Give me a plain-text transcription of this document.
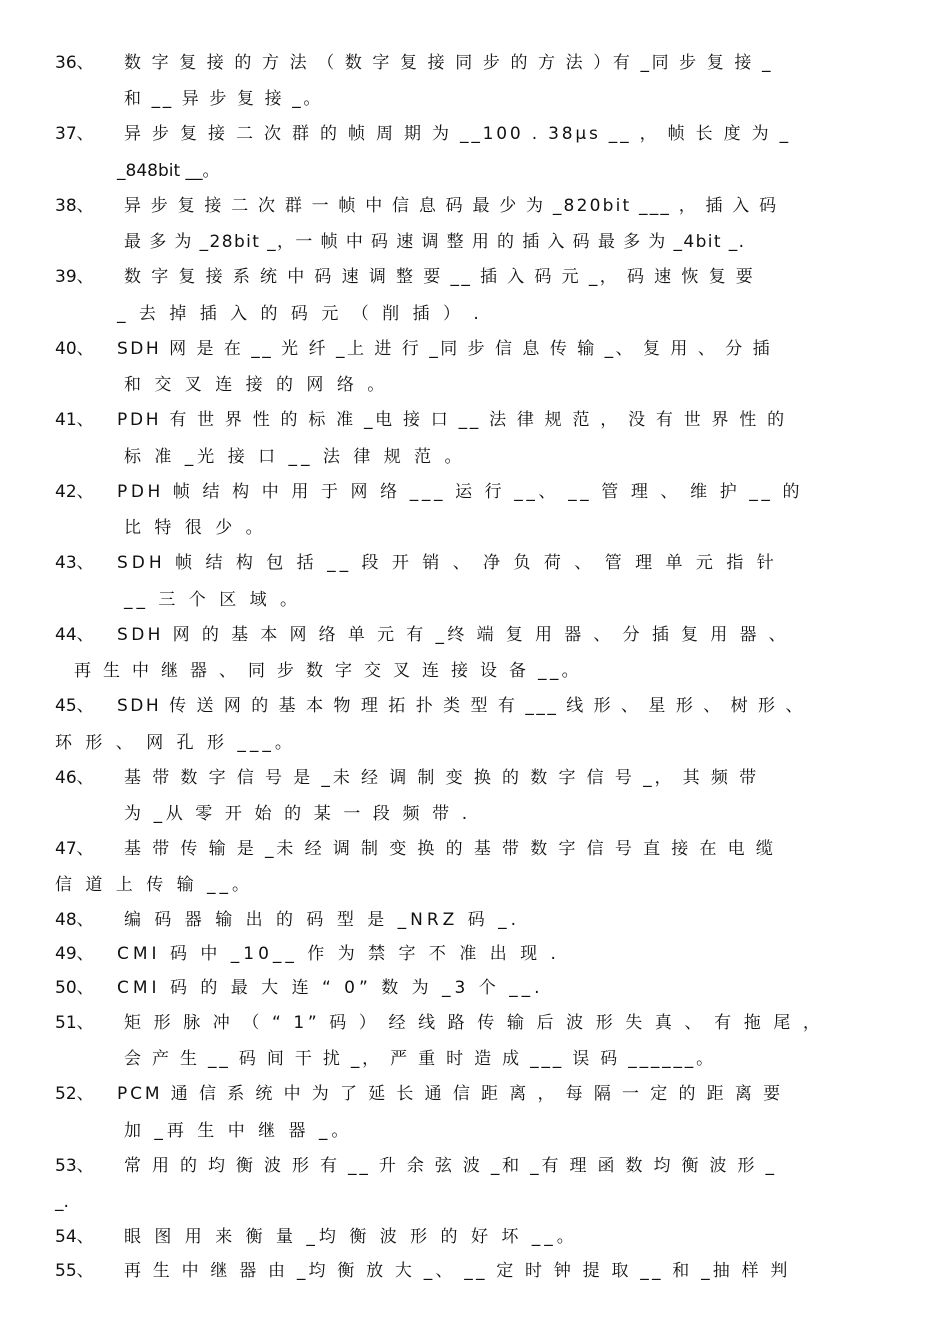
36、 数 字 复 接 的 方 法 （ 数 字 复 接 同 步 的 方 法 ）有 _同 步 复 接 _
和 __ 异 步 复 接 _。
37、 异 步 复 接 二 次 群 的 帧 周 期 为 __100 . 38μs __ ， 帧 长 度 为 _
_848bit __。
38、 异 步 复 接 二 次 群 一 帧 中 信 息 码 最 少 为 _820bit ___ ， 插 入 码
最 多 为 _28bit _，一 帧 中 码 速 调 整 用 的 插 入 码 最 多 为 _4bit _.
39、 数 字 复 接 系 统 中 码 速 调 整 要 __ 插 入 码 元 _， 码 速 恢 复 要
_ 去 掉 插 入 的 码 元 （ 削 插 ） .
40、 SDH 网 是 在 __ 光 纤 _上 进 行 _同 步 信 息 传 输 _、 复 用 、 分 插
和 交 叉 连 接 的 网 络 。
41、 PDH 有 世 界 性 的 标 准 _电 接 口 __ 法 律 规 范 ， 没 有 世 界 性 的
标 准 _光 接 口 __ 法 律 规 范 。
42、 PDH 帧 结 构 中 用 于 网 络 ___ 运 行 __、 __ 管 理 、 维 护 __ 的
比 特 很 少 。
43、 SDH 帧 结 构 包 括 __ 段 开 销 、 净 负 荷 、 管 理 单 元 指 针
__ 三 个 区 域 。
44、 SDH 网 的 基 本 网 络 单 元 有 _终 端 复 用 器 、 分 插 复 用 器 、
再 生 中 继 器 、 同 步 数 字 交 叉 连 接 设 备 __。
45、 SDH 传 送 网 的 基 本 物 理 拓 扑 类 型 有 ___ 线 形 、 星 形 、 树 形 、
环 形 、 网 孔 形 ___。
46、 基 带 数 字 信 号 是 _未 经 调 制 变 换 的 数 字 信 号 _， 其 频 带
为 _从 零 开 始 的 某 一 段 频 带 .
47、 基 带 传 输 是 _未 经 调 制 变 换 的 基 带 数 字 信 号 直 接 在 电 缆
信 道 上 传 输 __。
48、 编 码 器 输 出 的 码 型 是 _NRZ 码 _.
49、 CMI 码 中 _10__ 作 为 禁 字 不 准 出 现 .
50、 CMI 码 的 最 大 连 “ 0” 数 为 _3 个 __.
51、 矩 形 脉 冲 （ “ 1” 码 ） 经 线 路 传 输 后 波 形 失 真 、 有 拖 尾 ，
会 产 生 __ 码 间 干 扰 _， 严 重 时 造 成 ___ 误 码 ______。
52、 PCM 通 信 系 统 中 为 了 延 长 通 信 距 离 ， 每 隔 一 定 的 距 离 要
加 _再 生 中 继 器 _。
53、 常 用 的 均 衡 波 形 有 __ 升 余 弦 波 _和 _有 理 函 数 均 衡 波 形 _
_.
54、 眼 图 用 来 衡 量 _均 衡 波 形 的 好 坏 __。
55、 再 生 中 继 器 由 _均 衡 放 大 _、 __ 定 时 钟 提 取 __ 和 _抽 样 判
